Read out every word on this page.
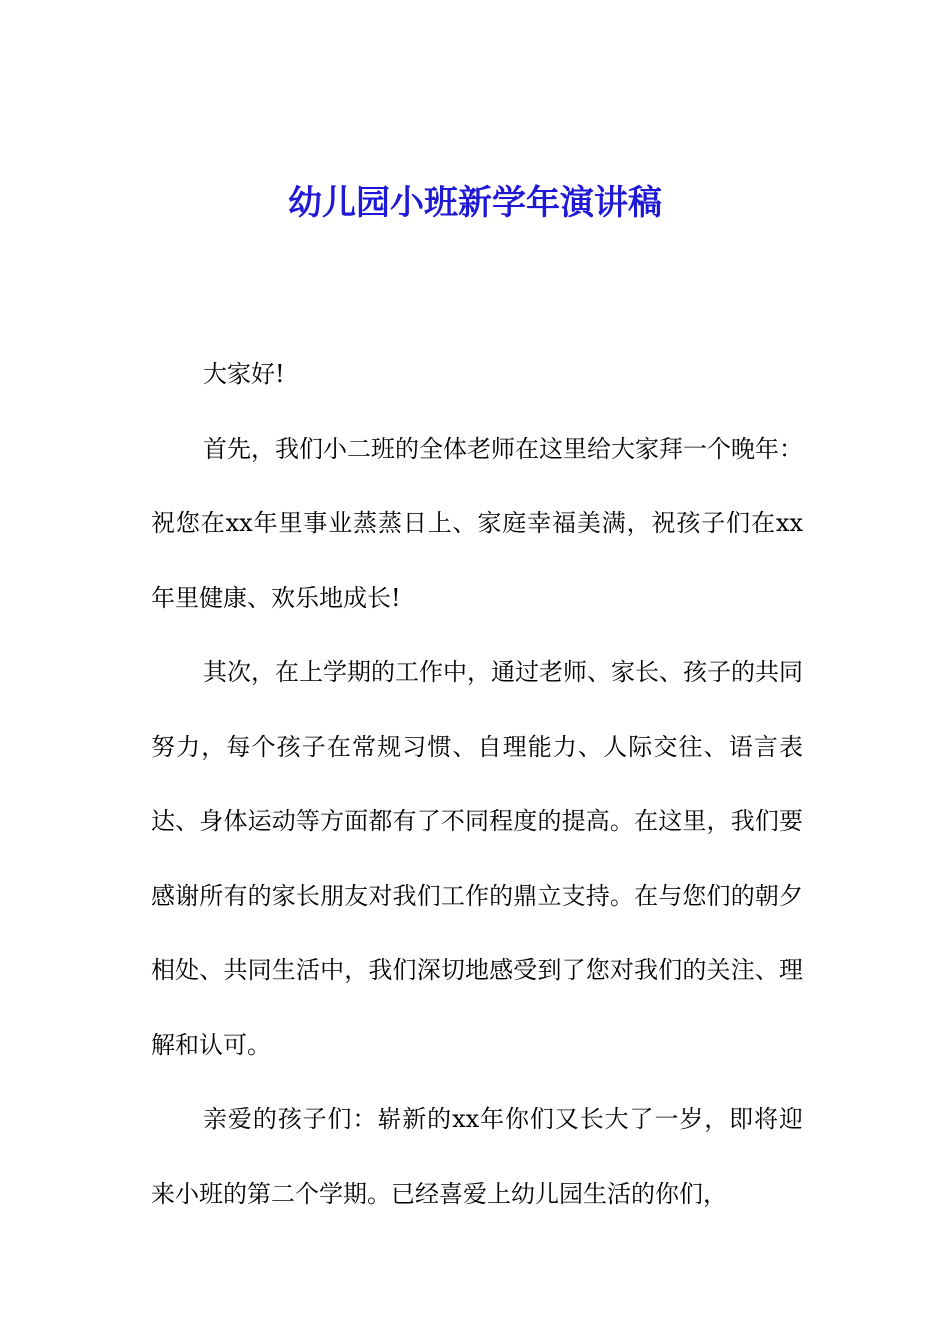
幼儿园小班新学年演讲稿

大家好!

首先，我们小二班的全体老师在这里给大家拜一个晚年：祝您在xx年里事业蒸蒸日上、家庭幸福美满，祝孩子们在xx年里健康、欢乐地成长!

其次，在上学期的工作中，通过老师、家长、孩子的共同努力，每个孩子在常规习惯、自理能力、人际交往、语言表达、身体运动等方面都有了不同程度的提高。在这里，我们要感谢所有的家长朋友对我们工作的鼎立支持。在与您们的朝夕相处、共同生活中，我们深切地感受到了您对我们的关注、理解和认可。

亲爱的孩子们：崭新的xx年你们又长大了一岁，即将迎来小班的第二个学期。已经喜爱上幼儿园生活的你们，
